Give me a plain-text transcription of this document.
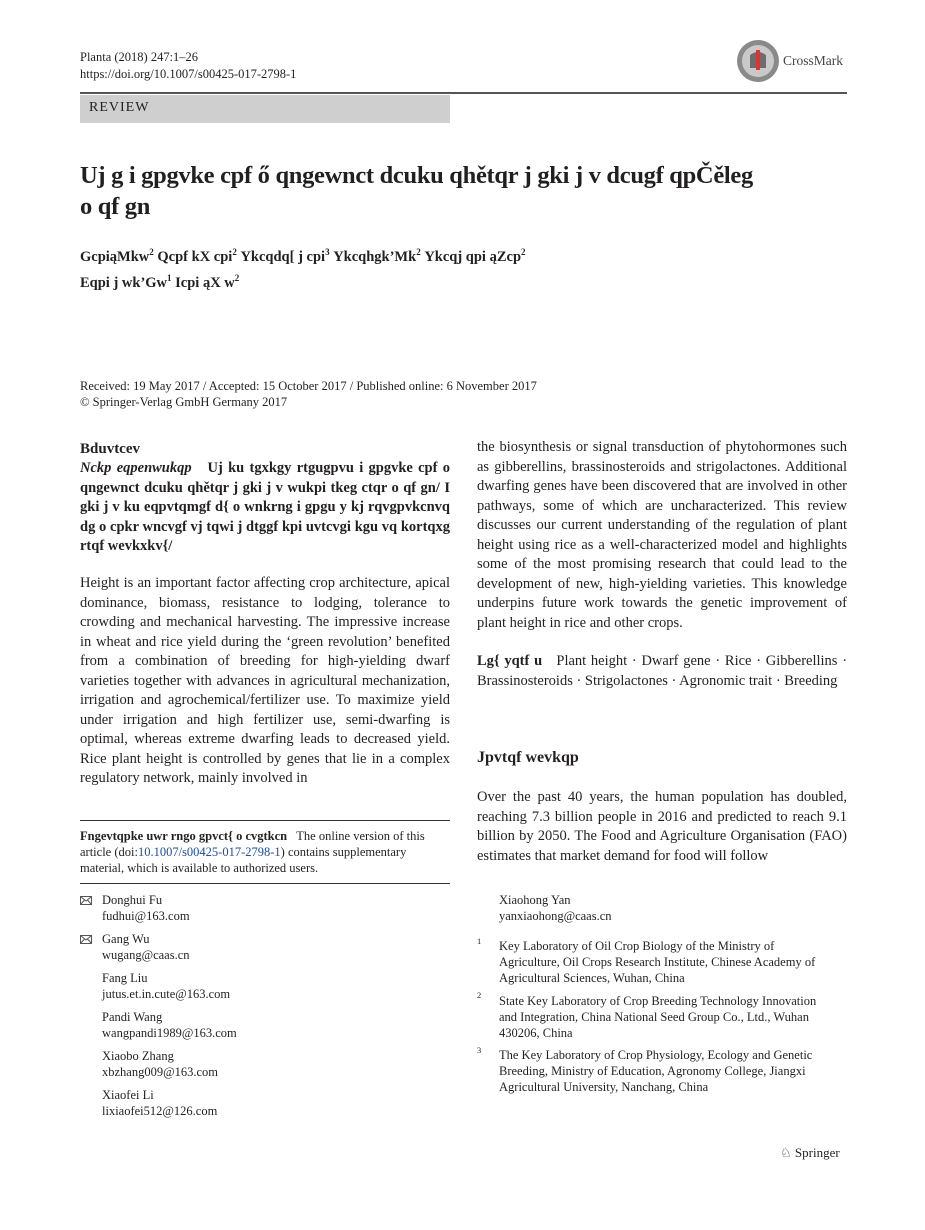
Planta (2018) 247:1–26
https://doi.org/10.1007/s00425-017-2798-1
CrossMark
REVIEW
Uj g i gpgvke cpf ő qngewnct dcuku qhětqr j gki j v dcugf qpČěleg
o qf gn
GcpiąMkw$^2$ Qcpf kX cpi$^2$ Ykcqdq[ j cpi$^3$ Ykcqhgk’Mk$^2$ Ykcqj qpi ąZcp$^2$
Eqpi j wk’Gw$^1$ Icpi ąX $w^2$
Received: 19 May 2017 / Accepted: 15 October 2017 / Published online: 6 November 2017
© Springer-Verlag GmbH Germany 2017
Bduvtcev
Nckp eqpenwukqp Uj ku tgxkgy rtgugpvu i gpgvke cpf o qngewnct dcuku qhětqr j gki j v wukpi tkeg ctqr o qf gn/ I gki j v ku eqpvtqmgf d{ o wnkrng i gpgu y kj rqvgpvkcnvq dg o cpkr wncvgf vj tqwi j dtggf kpi uvtcvgi kgu vq kortqxg rtqf wevkxkv{/
Height is an important factor affecting crop architecture, apical dominance, biomass, resistance to lodging, tolerance to crowding and mechanical harvesting. The impressive increase in wheat and rice yield during the ‘green revolution’ benefited from a combination of breeding for high-yielding dwarf varieties together with advances in agricultural mechanization, irrigation and agrochemical/fertilizer use. To maximize yield under irrigation and high fertilizer use, semi-dwarfing is optimal, whereas extreme dwarfing leads to decreased yield. Rice plant height is controlled by genes that lie in a complex regulatory network, mainly involved in
the biosynthesis or signal transduction of phytohormones such as gibberellins, brassinosteroids and strigolactones. Additional dwarfing genes have been discovered that are involved in other pathways, some of which are uncharacterized. This review discusses our current understanding of the regulation of plant height using rice as a well-characterized model and highlights some of the most promising research that could lead to the development of new, high-yielding varieties. This knowledge underpins future work towards the genetic improvement of plant height in rice and other crops.
Lg{ yqtf u Plant height · Dwarf gene · Rice · Gibberellins · Brassinosteroids · Strigolactones · Agronomic trait · Breeding
Jpvtqf wevkqp
Over the past 40 years, the human population has doubled, reaching 7.3 billion people in 2016 and predicted to reach 9.1 billion by 2050. The Food and Agriculture Organisation (FAO) estimates that market demand for food will follow
Fngevtqpke uwr rngo gpvct{ o cvgtkcn The online version of this article (doi:10.1007/s00425-017-2798-1) contains supplementary material, which is available to authorized users.
Donghui Fu
fudhui@163.com
Gang Wu
wugang@caas.cn
Fang Liu
jutus.et.in.cute@163.com
Pandi Wang
wangpandi1989@163.com
Xiaobo Zhang
xbzhang009@163.com
Xiaofei Li
lixiaofei512@126.com
Xiaohong Yan
yanxiaohong@caas.cn
1 Key Laboratory of Oil Crop Biology of the Ministry of Agriculture, Oil Crops Research Institute, Chinese Academy of Agricultural Sciences, Wuhan, China
2 State Key Laboratory of Crop Breeding Technology Innovation and Integration, China National Seed Group Co., Ltd., Wuhan 430206, China
3 The Key Laboratory of Crop Physiology, Ecology and Genetic Breeding, Ministry of Education, Agronomy College, Jiangxi Agricultural University, Nanchang, China
♘ Springer
